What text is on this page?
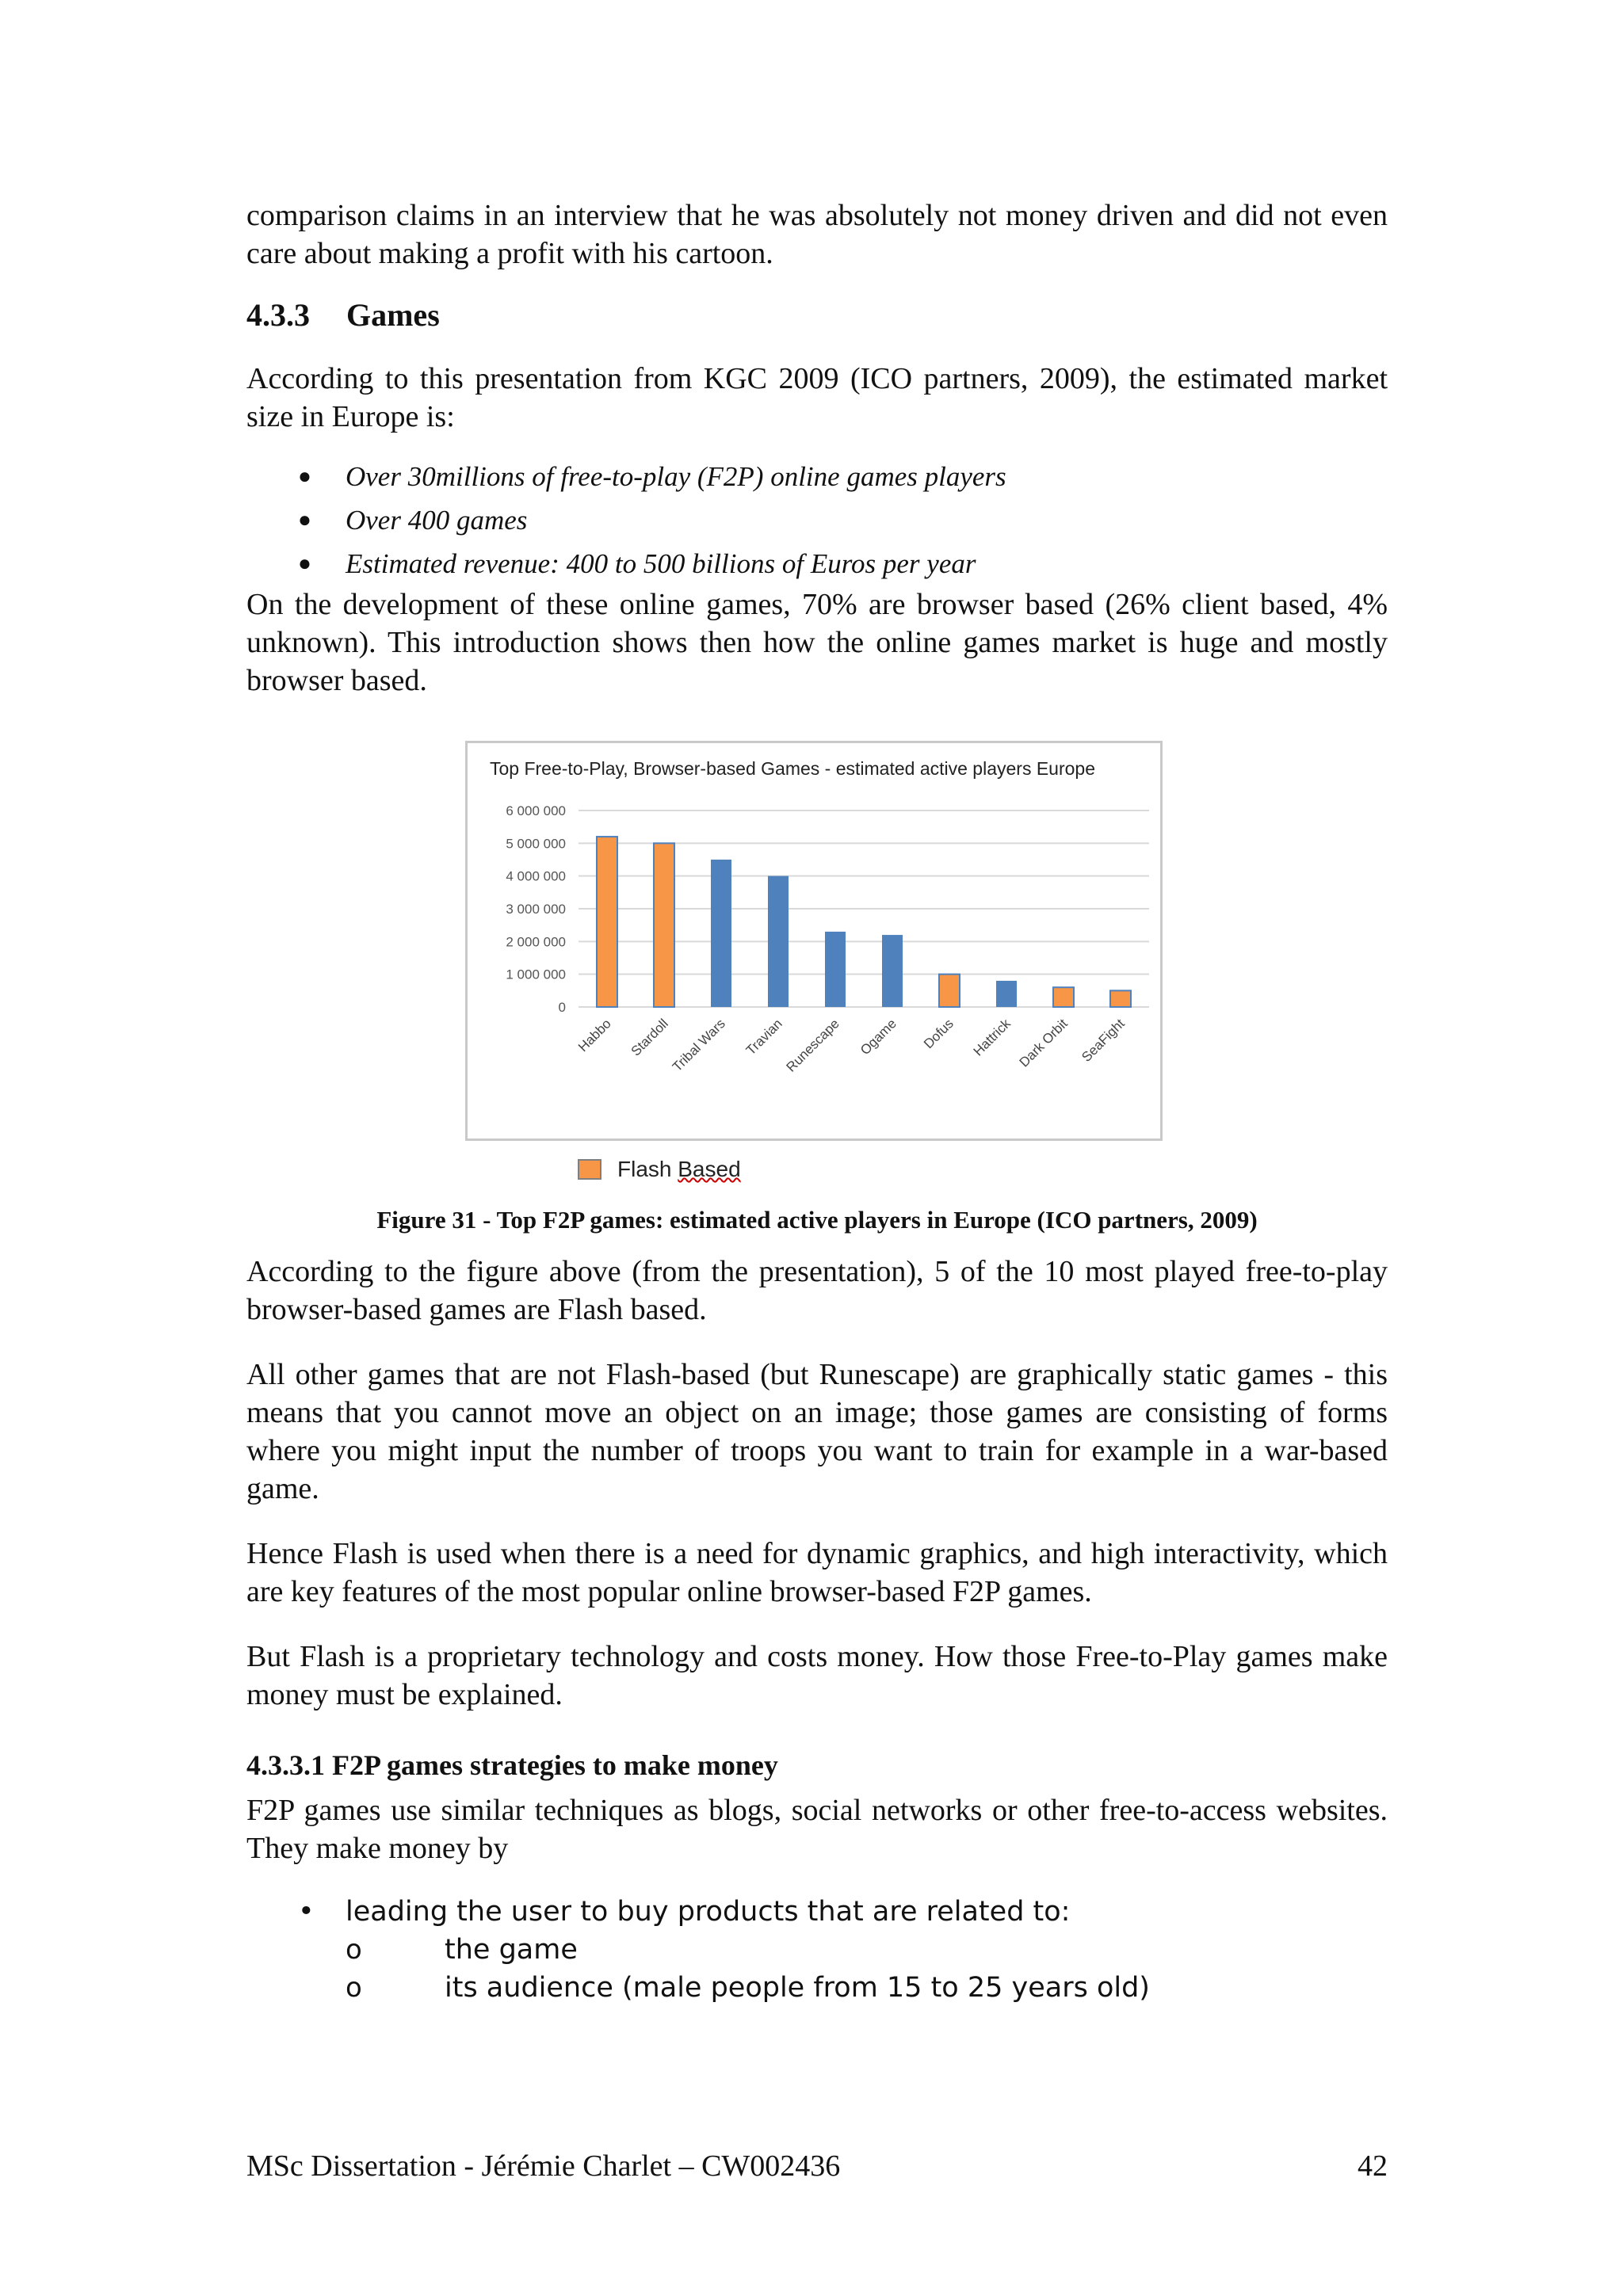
comparison claims in an interview that he was absolutely not money driven and did not even care about making a profit with his cartoon.

4.3.3 Games

According to this presentation from KGC 2009 (ICO partners, 2009), the estimated market size in Europe is:

● Over 30millions of free-to-play (F2P) online games players
● Over 400 games
● Estimated revenue: 400 to 500 billions of Euros per year

On the development of these online games, 70% are browser based (26% client based, 4% unknown). This introduction shows then how the online games market is huge and mostly browser based.

Top Free-to-Play, Browser-based Games - estimated active players Europe
0
1 000 000
2 000 000
3 000 000
4 000 000
5 000 000
6 000 000
Habbo Stardoll
Tribal Wars Travian
Runescape Ogame Dofus Hattrick Dark Orbit SeaFight
Flash Based
Figure 31 - Top F2P games: estimated active players in Europe (ICO partners, 2009)

According to the figure above (from the presentation), 5 of the 10 most played free-to-play browser-based games are Flash based.

All other games that are not Flash-based (but Runescape) are graphically static games - this means that you cannot move an object on an image; those games are consisting of forms where you might input the number of troops you want to train for example in a war-based game.

Hence Flash is used when there is a need for dynamic graphics, and high interactivity, which are key features of the most popular online browser-based F2P games.

But Flash is a proprietary technology and costs money. How those Free-to-Play games make money must be explained.

4.3.3.1 F2P games strategies to make money

F2P games use similar techniques as blogs, social networks or other free-to-access websites. They make money by

• leading the user to buy products that are related to:
o	the game
o	its audience (male people from 15 to 25 years old)
MSc Dissertation - Jérémie Charlet – CW002436	42
